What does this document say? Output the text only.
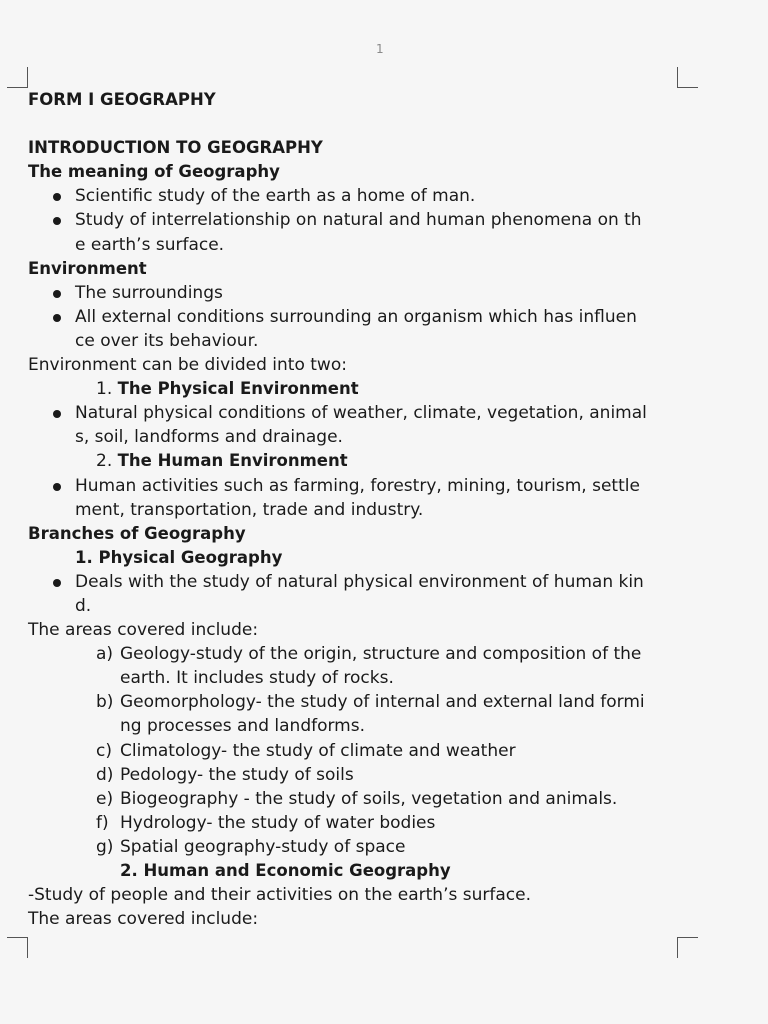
1
FORM I GEOGRAPHY
INTRODUCTION TO GEOGRAPHY
The meaning of Geography
Scientific study of the earth as a home of man.
Study of interrelationship on natural and human phenomena on th
e earth’s surface.
Environment
The surroundings
All external conditions surrounding an organism which has influen
ce over its behaviour.
Environment can be divided into two:
1. The Physical Environment
Natural physical conditions of weather, climate, vegetation, animal
s, soil, landforms and drainage.
2. The Human Environment
Human activities such as farming, forestry, mining, tourism, settle
ment, transportation, trade and industry.
Branches of Geography
1. Physical Geography
Deals with the study of natural physical environment of human kin
d.
The areas covered include:
a) Geology-study of the origin, structure and composition of the
earth. It includes study of rocks.
b) Geomorphology- the study of internal and external land formi
ng processes and landforms.
c) Climatology- the study of climate and weather
d) Pedology- the study of soils
e) Biogeography - the study of soils, vegetation and animals.
f) Hydrology- the study of water bodies
g) Spatial geography-study of space
2. Human and Economic Geography
-Study of people and their activities on the earth’s surface.
The areas covered include:
